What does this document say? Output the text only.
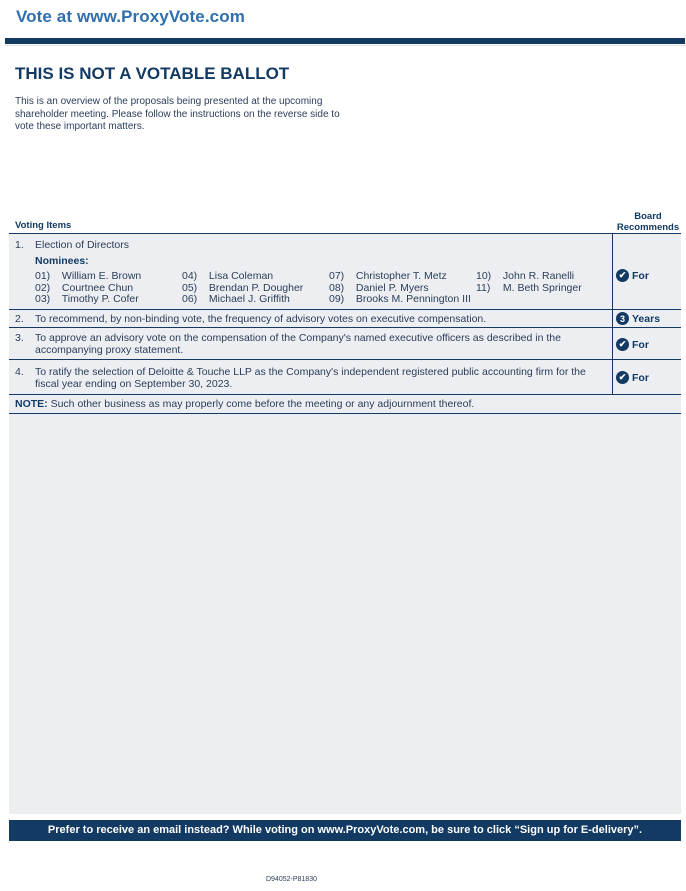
Vote at www.ProxyVote.com
THIS IS NOT A VOTABLE BALLOT
This is an overview of the proposals being presented at the upcoming shareholder meeting. Please follow the instructions on the reverse side to vote these important matters.
Voting Items
Board Recommends
1. Election of Directors
Nominees:
01) William E. Brown
02) Courtnee Chun
03) Timothy P. Cofer
04) Lisa Coleman
05) Brendan P. Dougher
06) Michael J. Griffith
07) Christopher T. Metz
08) Daniel P. Myers
09) Brooks M. Pennington III
10) John R. Ranelli
11) M. Beth Springer
✔ For
2. To recommend, by non-binding vote, the frequency of advisory votes on executive compensation.	3 Years
3. To approve an advisory vote on the compensation of the Company's named executive officers as described in the accompanying proxy statement.	✔ For
4. To ratify the selection of Deloitte & Touche LLP as the Company's independent registered public accounting firm for the fiscal year ending on September 30, 2023.
✔ For
NOTE: Such other business as may properly come before the meeting or any adjournment thereof.
Prefer to receive an email instead? While voting on www.ProxyVote.com, be sure to click “Sign up for E-delivery”.
D94052-P81830
